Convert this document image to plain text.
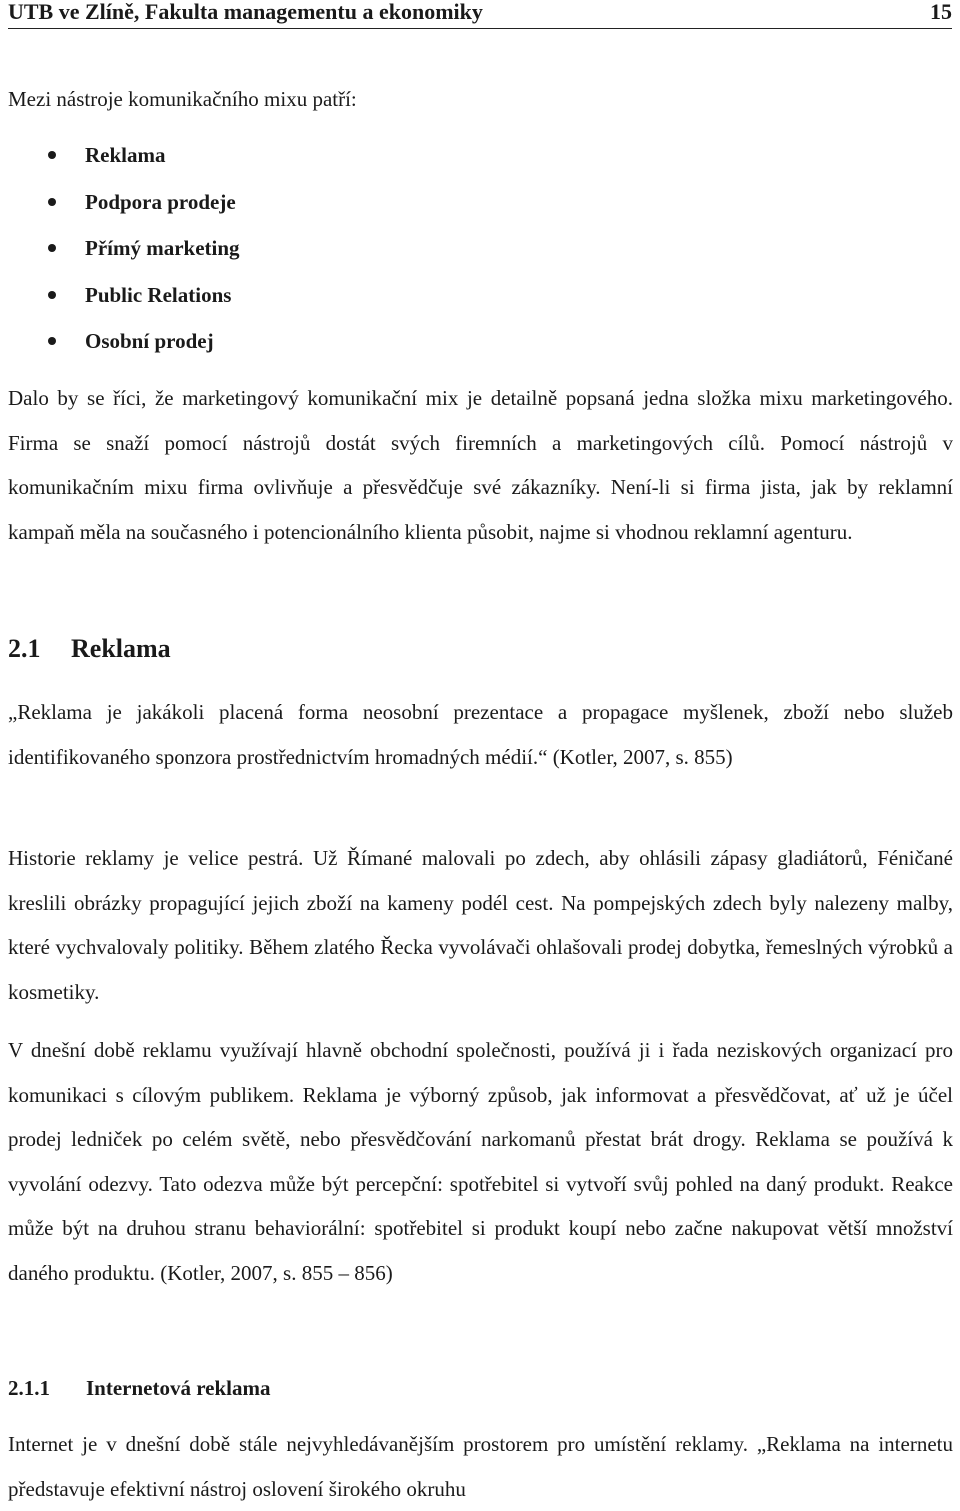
UTB ve Zlíně, Fakulta managementu a ekonomiky	15
Mezi nástroje komunikačního mixu patří:
Reklama
Podpora prodeje
Přímý marketing
Public Relations
Osobní prodej

Dalo by se říci, že marketingový komunikační mix je detailně popsaná jedna složka mixu marketingového. Firma se snaží pomocí nástrojů dostát svých firemních a marketingových cílů. Pomocí nástrojů v komunikačním mixu firma ovlivňuje a přesvědčuje své zákazníky. Není-li si firma jista, jak by reklamní kampaň měla na současného i potencionálního klienta působit, najme si vhodnou reklamní agenturu.

2.1 Reklama

„Reklama je jakákoli placená forma neosobní prezentace a propagace myšlenek, zboží nebo služeb identifikovaného sponzora prostřednictvím hromadných médií.“ (Kotler, 2007, s. 855)

Historie reklamy je velice pestrá. Už Římané malovali po zdech, aby ohlásili zápasy gladiátorů, Féničané kreslili obrázky propagující jejich zboží na kameny podél cest. Na pompejských zdech byly nalezeny malby, které vychvalovaly politiky. Během zlatého Řecka vyvolávači ohlašovali prodej dobytka, řemeslných výrobků a kosmetiky.

V dnešní době reklamu využívají hlavně obchodní společnosti, používá ji i řada neziskových organizací pro komunikaci s cílovým publikem. Reklama je výborný způsob, jak informovat a přesvědčovat, ať už je účel prodej ledniček po celém světě, nebo přesvědčování narkomanů přestat brát drogy. Reklama se používá k vyvolání odezvy. Tato odezva může být percepční: spotřebitel si vytvoří svůj pohled na daný produkt. Reakce může být na druhou stranu behaviorální: spotřebitel si produkt koupí nebo začne nakupovat větší množství daného produktu. (Kotler, 2007, s. 855 – 856)

2.1.1 Internetová reklama

Internet je v dnešní době stále nejvyhledávanějším prostorem pro umístění reklamy. „Reklama na internetu představuje efektivní nástroj oslovení širokého okruhu
